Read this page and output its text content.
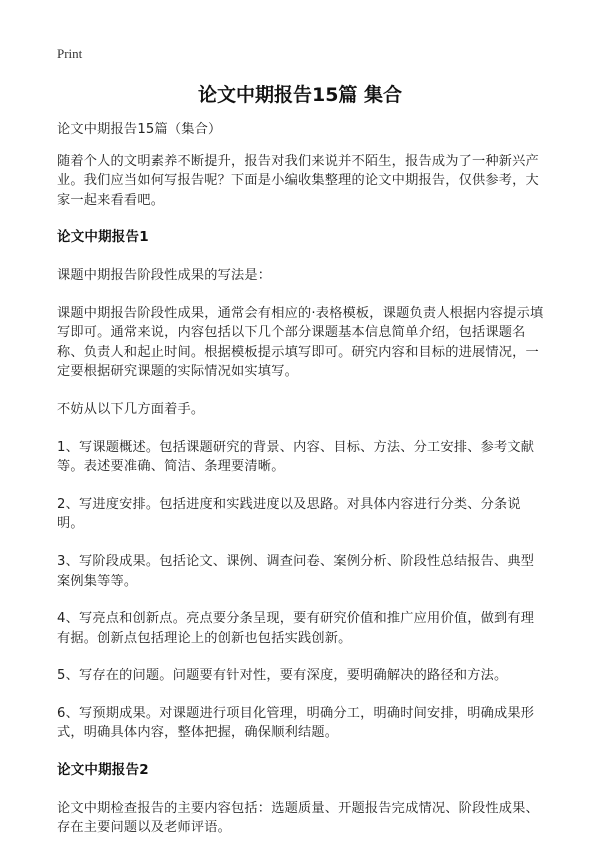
Print
论文中期报告15篇 集合

论文中期报告15篇（集合）

随着个人的文明素养不断提升，报告对我们来说并不陌生，报告成为了一种新兴产业。我们应当如何写报告呢？下面是小编收集整理的论文中期报告，仅供参考，大家一起来看看吧。

论文中期报告1

课题中期报告阶段性成果的写法是：

课题中期报告阶段性成果，通常会有相应的·表格模板，课题负责人根据内容提示填写即可。通常来说，内容包括以下几个部分课题基本信息简单介绍，包括课题名称、负责人和起止时间。根据模板提示填写即可。研究内容和目标的进展情况，一定要根据研究课题的实际情况如实填写。

不妨从以下几方面着手。

1、写课题概述。包括课题研究的背景、内容、目标、方法、分工安排、参考文献等。表述要准确、简洁、条理要清晰。

2、写进度安排。包括进度和实践进度以及思路。对具体内容进行分类、分条说明。

3、写阶段成果。包括论文、课例、调查问卷、案例分析、阶段性总结报告、典型案例集等等。

4、写亮点和创新点。亮点要分条呈现，要有研究价值和推广应用价值，做到有理有据。创新点包括理论上的创新也包括实践创新。

5、写存在的问题。问题要有针对性，要有深度，要明确解决的路径和方法。

6、写预期成果。对课题进行项目化管理，明确分工，明确时间安排，明确成果形式，明确具体内容，整体把握，确保顺利结题。

论文中期报告2

论文中期检查报告的主要内容包括：选题质量、开题报告完成情况、阶段性成果、存在主要问题以及老师评语。
